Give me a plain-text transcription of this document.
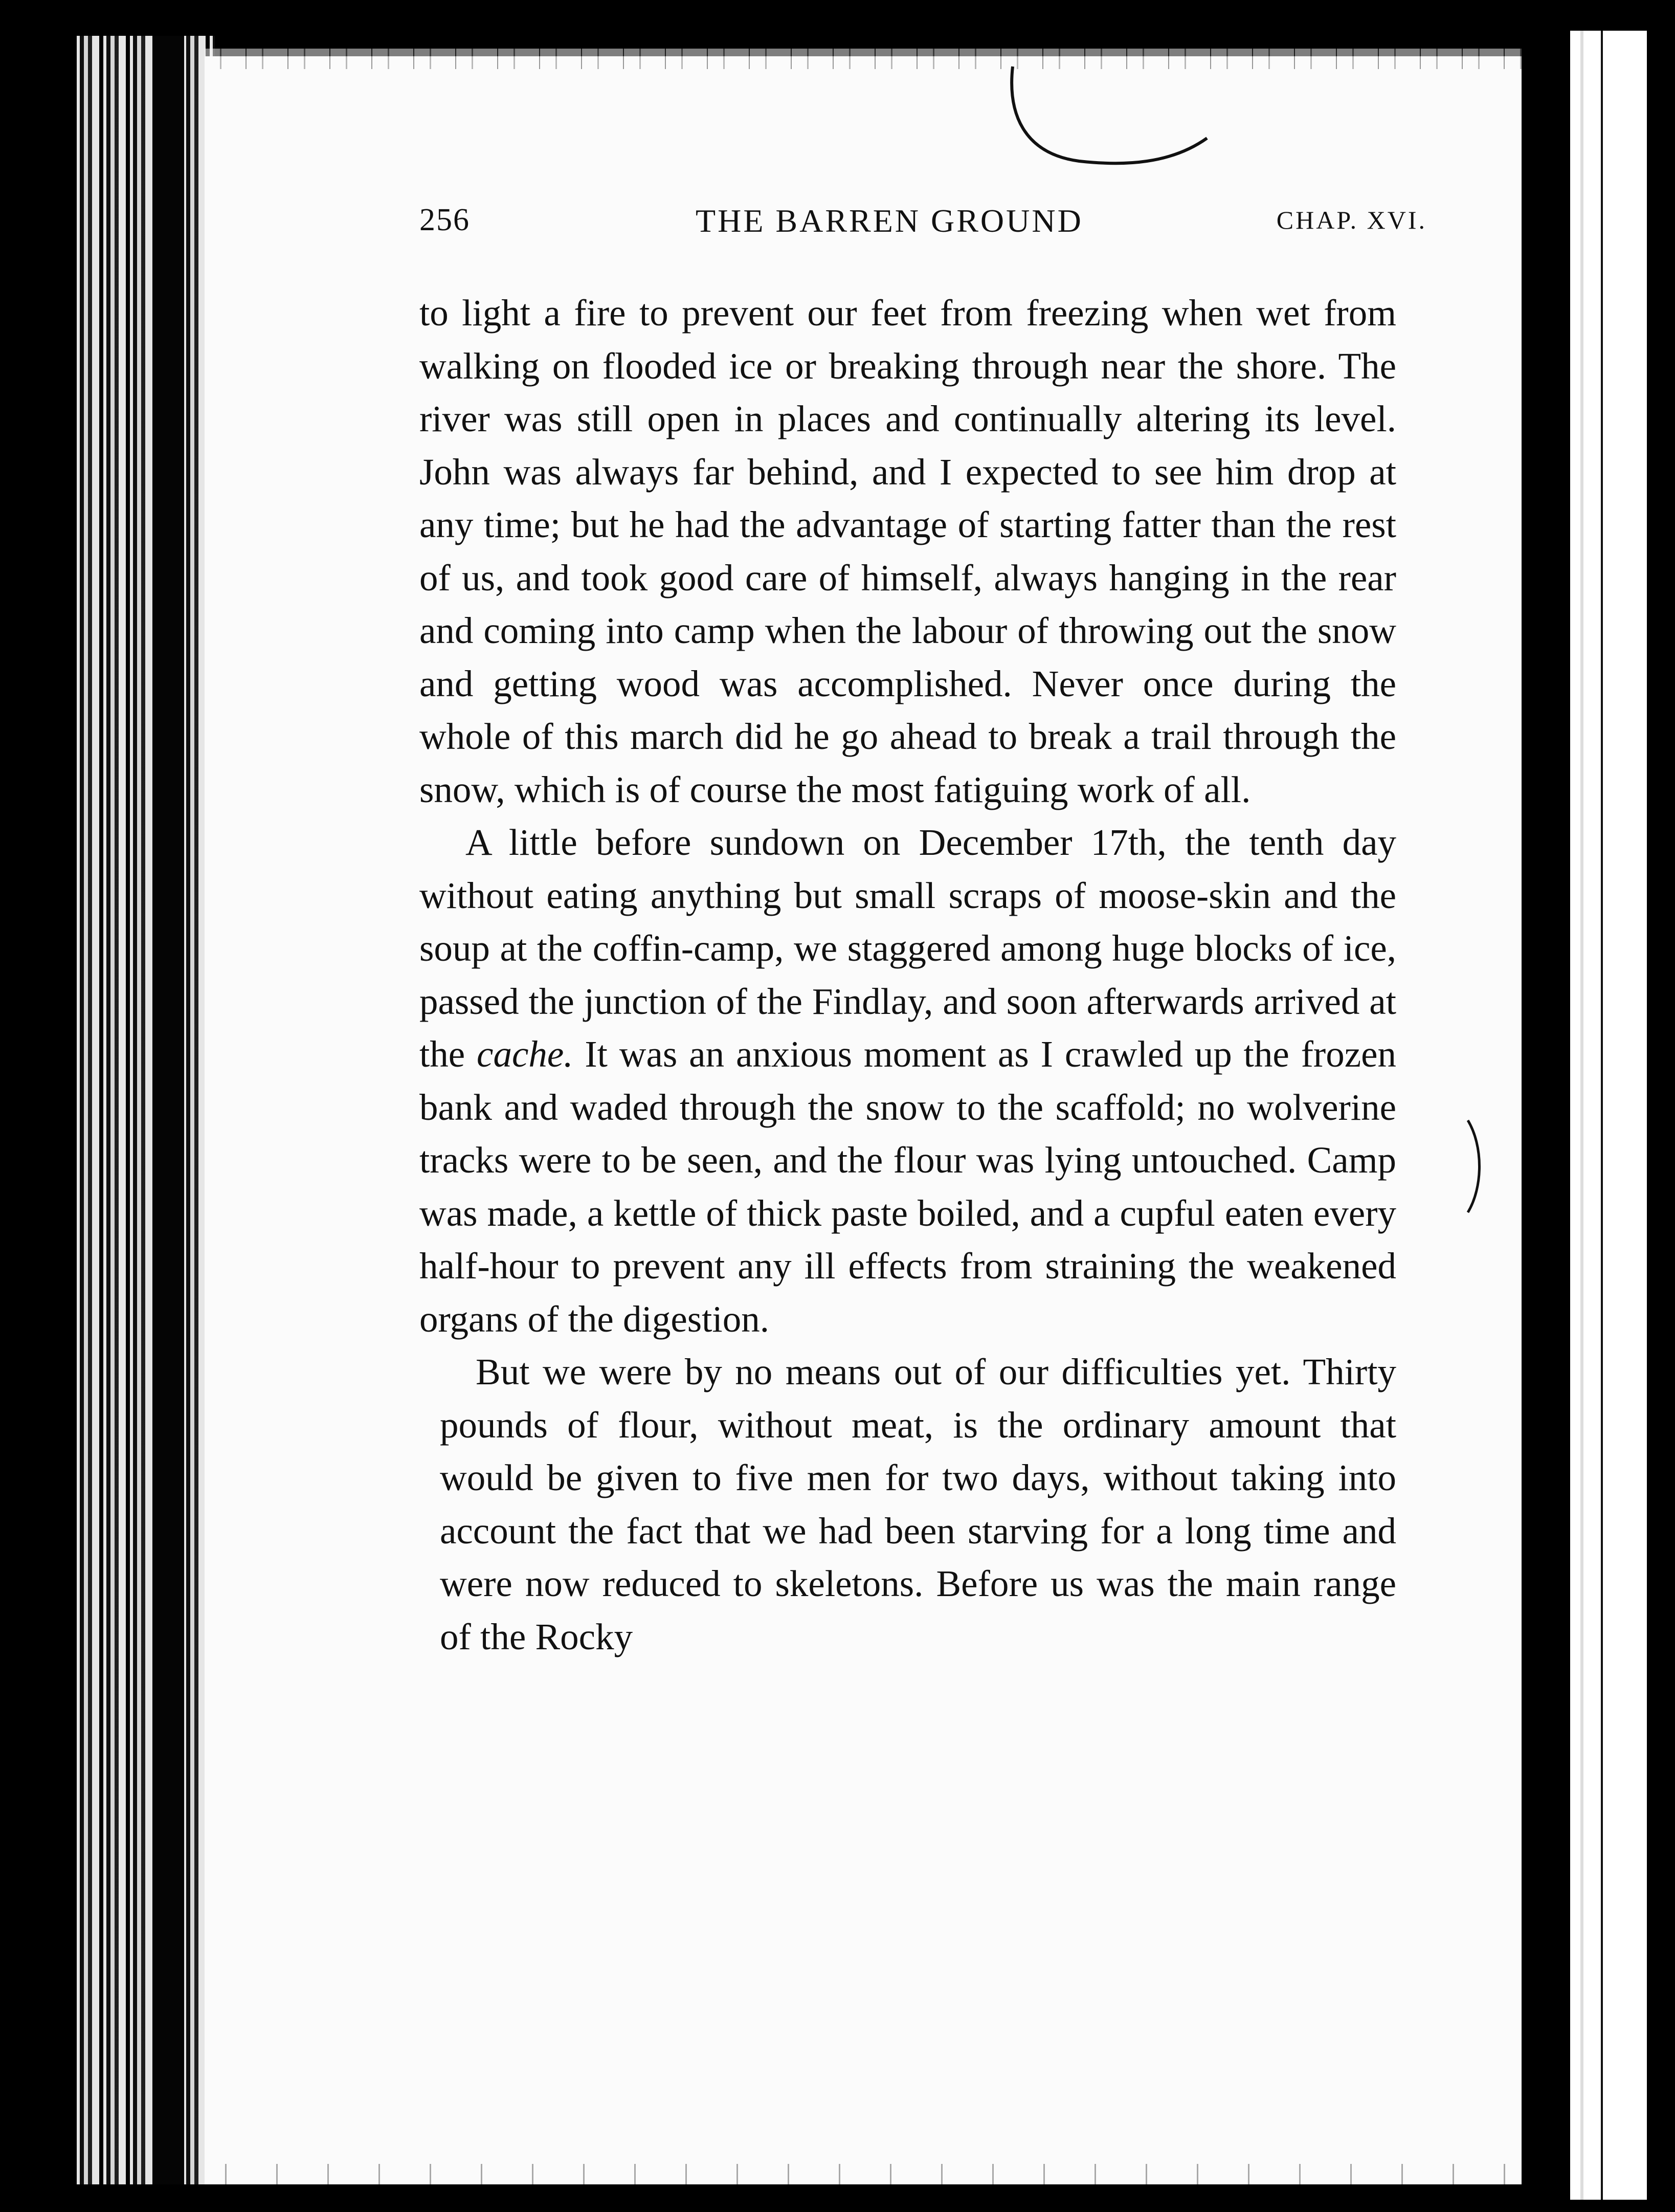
256	THE BARREN GROUND	CHAP. XVI.

to light a fire to prevent our feet from freezing when wet from walking on flooded ice or breaking through near the shore. The river was still open in places and continually altering its level. John was always far behind, and I expected to see him drop at any time; but he had the advantage of starting fatter than the rest of us, and took good care of himself, always hanging in the rear and coming into camp when the labour of throwing out the snow and getting wood was accomplished. Never once during the whole of this march did he go ahead to break a trail through the snow, which is of course the most fatiguing work of all.

A little before sundown on December 17th, the tenth day without eating anything but small scraps of moose-skin and the soup at the coffin-camp, we staggered among huge blocks of ice, passed the junction of the Findlay, and soon afterwards arrived at the cache. It was an anxious moment as I crawled up the frozen bank and waded through the snow to the scaffold; no wolverine tracks were to be seen, and the flour was lying untouched. Camp was made, a kettle of thick paste boiled, and a cupful eaten every half-hour to prevent any ill effects from straining the weakened organs of the digestion.

But we were by no means out of our difficulties yet. Thirty pounds of flour, without meat, is the ordinary amount that would be given to five men for two days, without taking into account the fact that we had been starving for a long time and were now reduced to skeletons. Before us was the main range of the Rocky
